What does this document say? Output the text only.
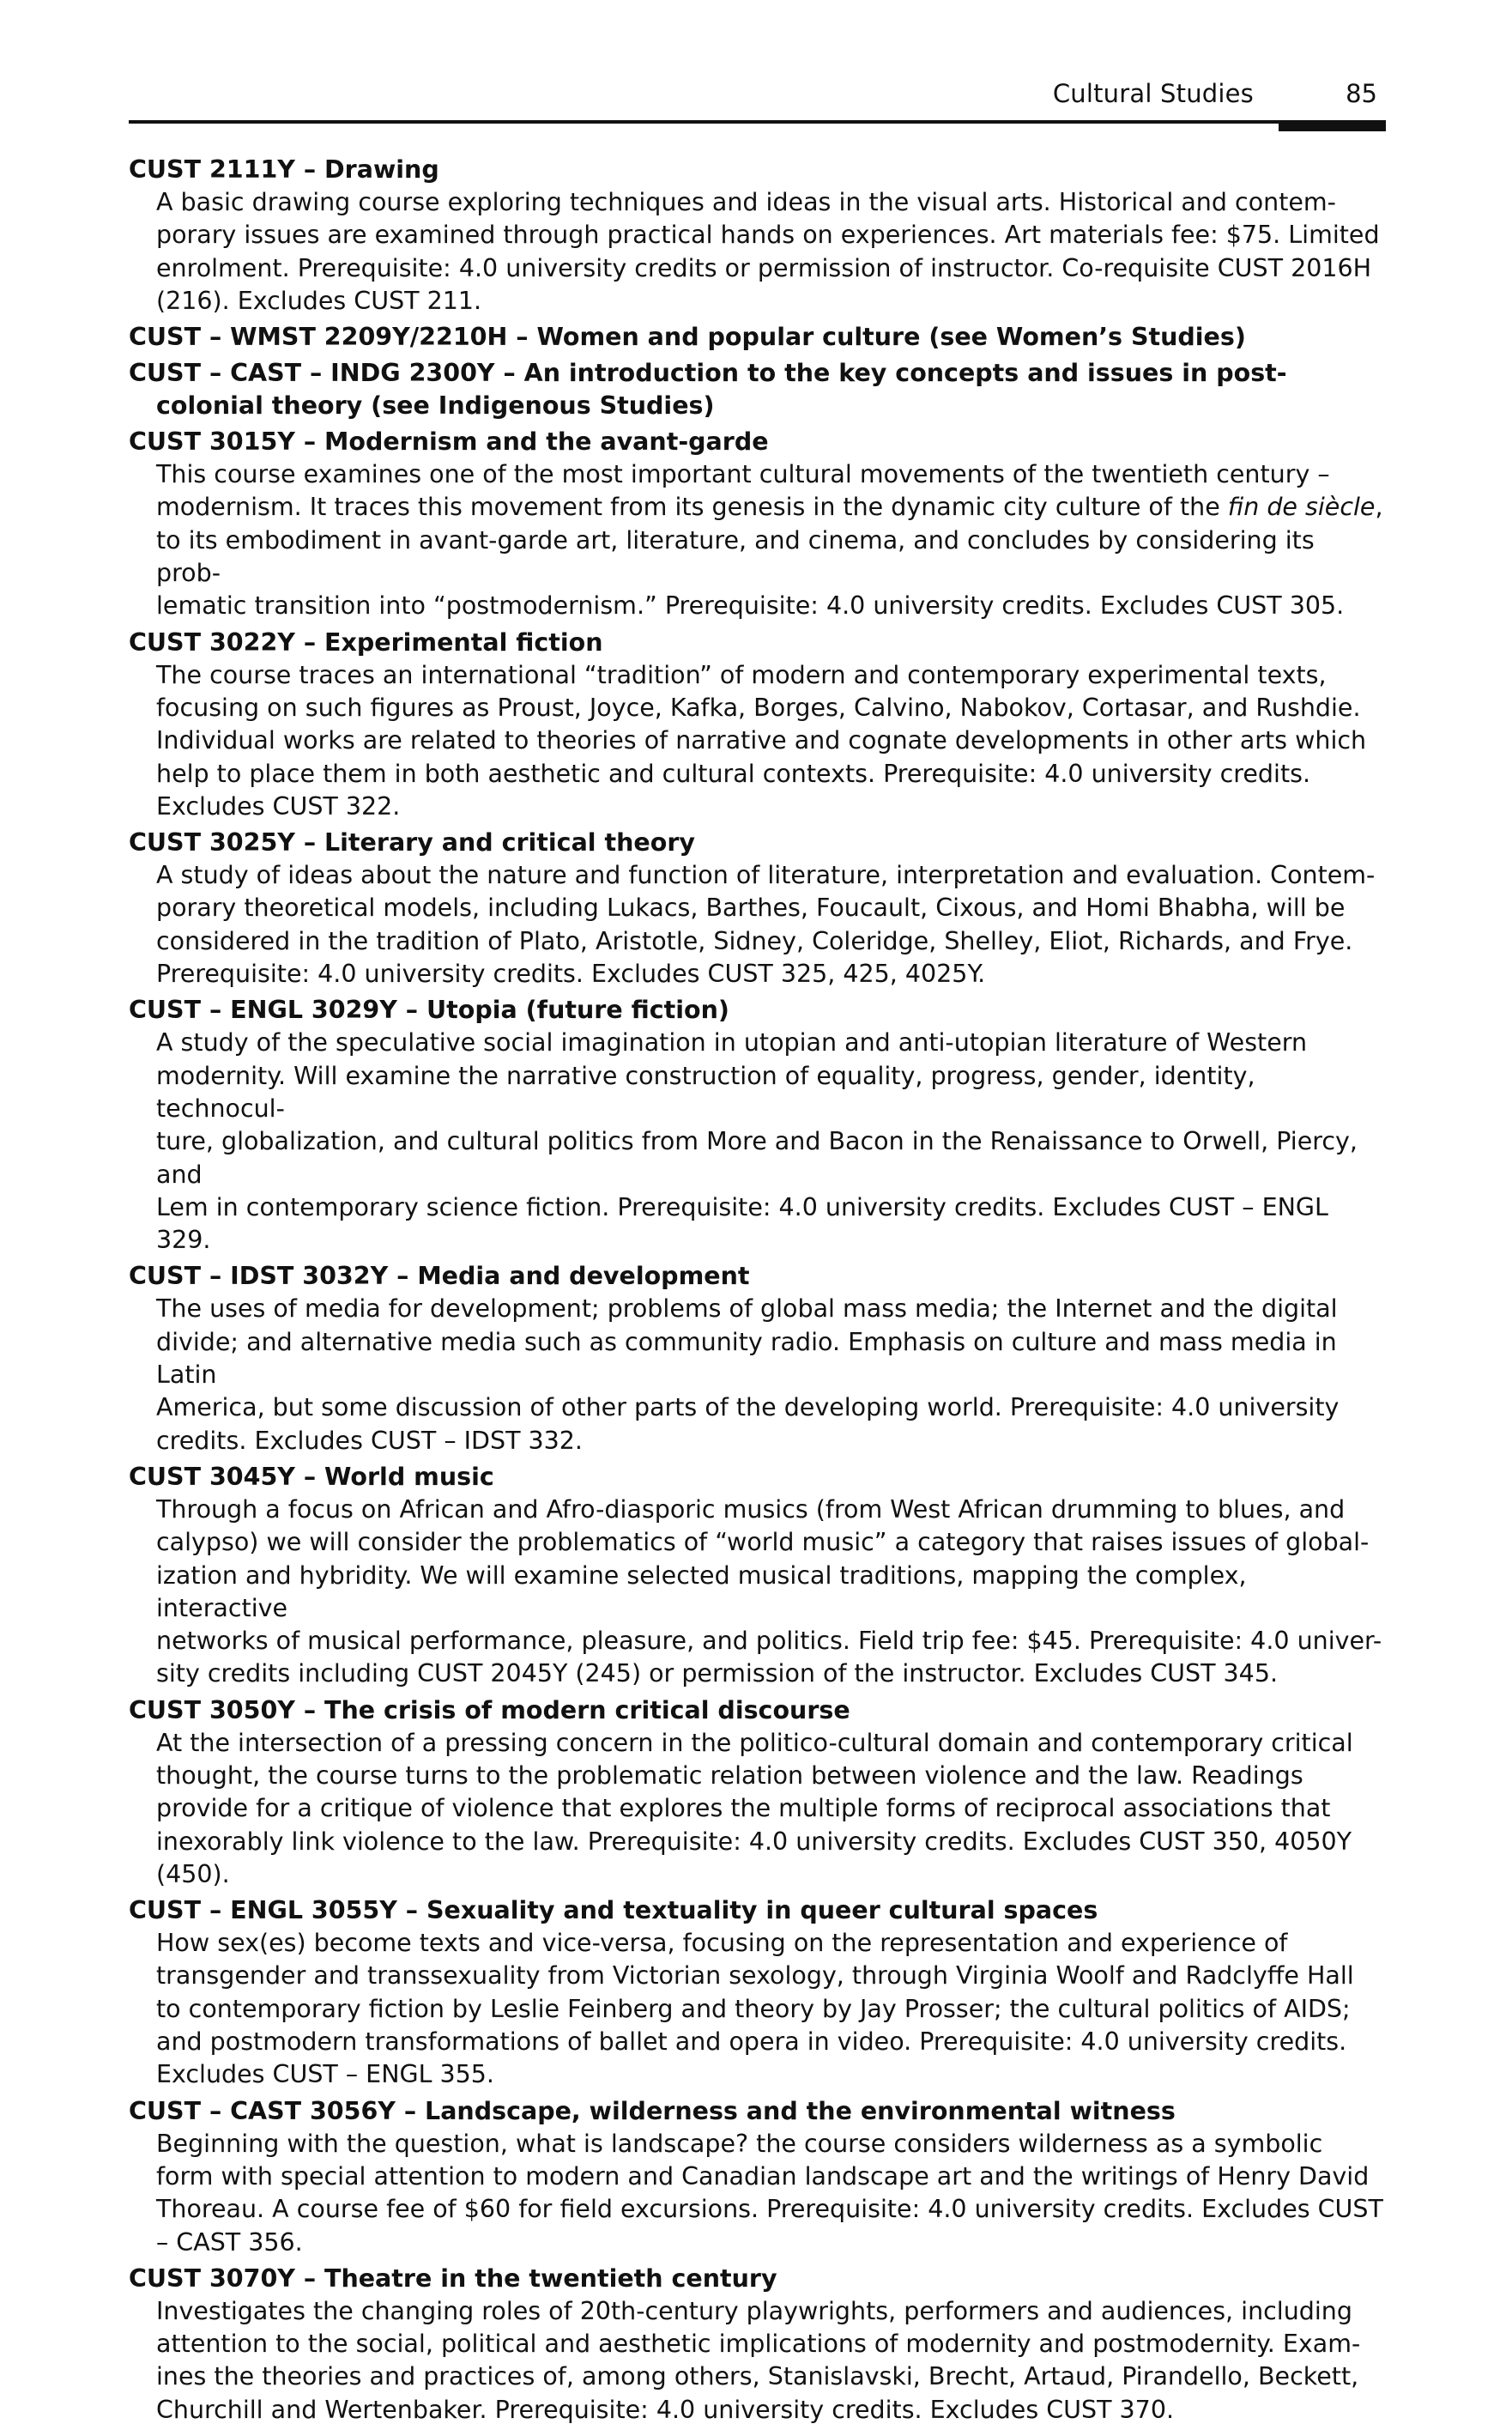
Cultural Studies	85
CUST 2111Y – Drawing
A basic drawing course exploring techniques and ideas in the visual arts. Historical and contem-
porary issues are examined through practical hands on experiences. Art materials fee: $75. Limited
enrolment. Prerequisite: 4.0 university credits or permission of instructor. Co-requisite CUST 2016H
(216). Excludes CUST 211.
CUST – WMST 2209Y/2210H – Women and popular culture (see Women’s Studies)
CUST – CAST – INDG 2300Y – An introduction to the key concepts and issues in post-colonial theory (see Indigenous Studies)
CUST 3015Y – Modernism and the avant-garde
This course examines one of the most important cultural movements of the twentieth century –
modernism. It traces this movement from its genesis in the dynamic city culture of the fin de siècle,
to its embodiment in avant-garde art, literature, and cinema, and concludes by considering its prob-
lematic transition into “postmodernism.” Prerequisite: 4.0 university credits. Excludes CUST 305.
CUST 3022Y – Experimental fiction
The course traces an international “tradition” of modern and contemporary experimental texts,
focusing on such figures as Proust, Joyce, Kafka, Borges, Calvino, Nabokov, Cortasar, and Rushdie.
Individual works are related to theories of narrative and cognate developments in other arts which
help to place them in both aesthetic and cultural contexts. Prerequisite: 4.0 university credits.
Excludes CUST 322.
CUST 3025Y – Literary and critical theory
A study of ideas about the nature and function of literature, interpretation and evaluation. Contem-
porary theoretical models, including Lukacs, Barthes, Foucault, Cixous, and Homi Bhabha, will be
considered in the tradition of Plato, Aristotle, Sidney, Coleridge, Shelley, Eliot, Richards, and Frye.
Prerequisite: 4.0 university credits. Excludes CUST 325, 425, 4025Y.
CUST – ENGL 3029Y – Utopia (future fiction)
A study of the speculative social imagination in utopian and anti-utopian literature of Western
modernity. Will examine the narrative construction of equality, progress, gender, identity, technocul-
ture, globalization, and cultural politics from More and Bacon in the Renaissance to Orwell, Piercy, and
Lem in contemporary science fiction. Prerequisite: 4.0 university credits. Excludes CUST – ENGL 329.
CUST – IDST 3032Y – Media and development
The uses of media for development; problems of global mass media; the Internet and the digital
divide; and alternative media such as community radio. Emphasis on culture and mass media in Latin
America, but some discussion of other parts of the developing world. Prerequisite: 4.0 university
credits. Excludes CUST – IDST 332.
CUST 3045Y – World music
Through a focus on African and Afro-diasporic musics (from West African drumming to blues, and
calypso) we will consider the problematics of “world music” a category that raises issues of global-
ization and hybridity. We will examine selected musical traditions, mapping the complex, interactive
networks of musical performance, pleasure, and politics. Field trip fee: $45. Prerequisite: 4.0 univer-
sity credits including CUST 2045Y (245) or permission of the instructor. Excludes CUST 345.
CUST 3050Y – The crisis of modern critical discourse
At the intersection of a pressing concern in the politico-cultural domain and contemporary critical
thought, the course turns to the problematic relation between violence and the law. Readings
provide for a critique of violence that explores the multiple forms of reciprocal associations that
inexorably link violence to the law. Prerequisite: 4.0 university credits. Excludes CUST 350, 4050Y
(450).
CUST – ENGL 3055Y – Sexuality and textuality in queer cultural spaces
How sex(es) become texts and vice-versa, focusing on the representation and experience of
transgender and transsexuality from Victorian sexology, through Virginia Woolf and Radclyffe Hall
to contemporary fiction by Leslie Feinberg and theory by Jay Prosser; the cultural politics of AIDS;
and postmodern transformations of ballet and opera in video. Prerequisite: 4.0 university credits.
Excludes CUST – ENGL 355.
CUST – CAST 3056Y – Landscape, wilderness and the environmental witness
Beginning with the question, what is landscape? the course considers wilderness as a symbolic
form with special attention to modern and Canadian landscape art and the writings of Henry David
Thoreau. A course fee of $60 for field excursions. Prerequisite: 4.0 university credits. Excludes CUST
– CAST 356.
CUST 3070Y – Theatre in the twentieth century
Investigates the changing roles of 20th-century playwrights, performers and audiences, including
attention to the social, political and aesthetic implications of modernity and postmodernity. Exam-
ines the theories and practices of, among others, Stanislavski, Brecht, Artaud, Pirandello, Beckett,
Churchill and Wertenbaker. Prerequisite: 4.0 university credits. Excludes CUST 370.
